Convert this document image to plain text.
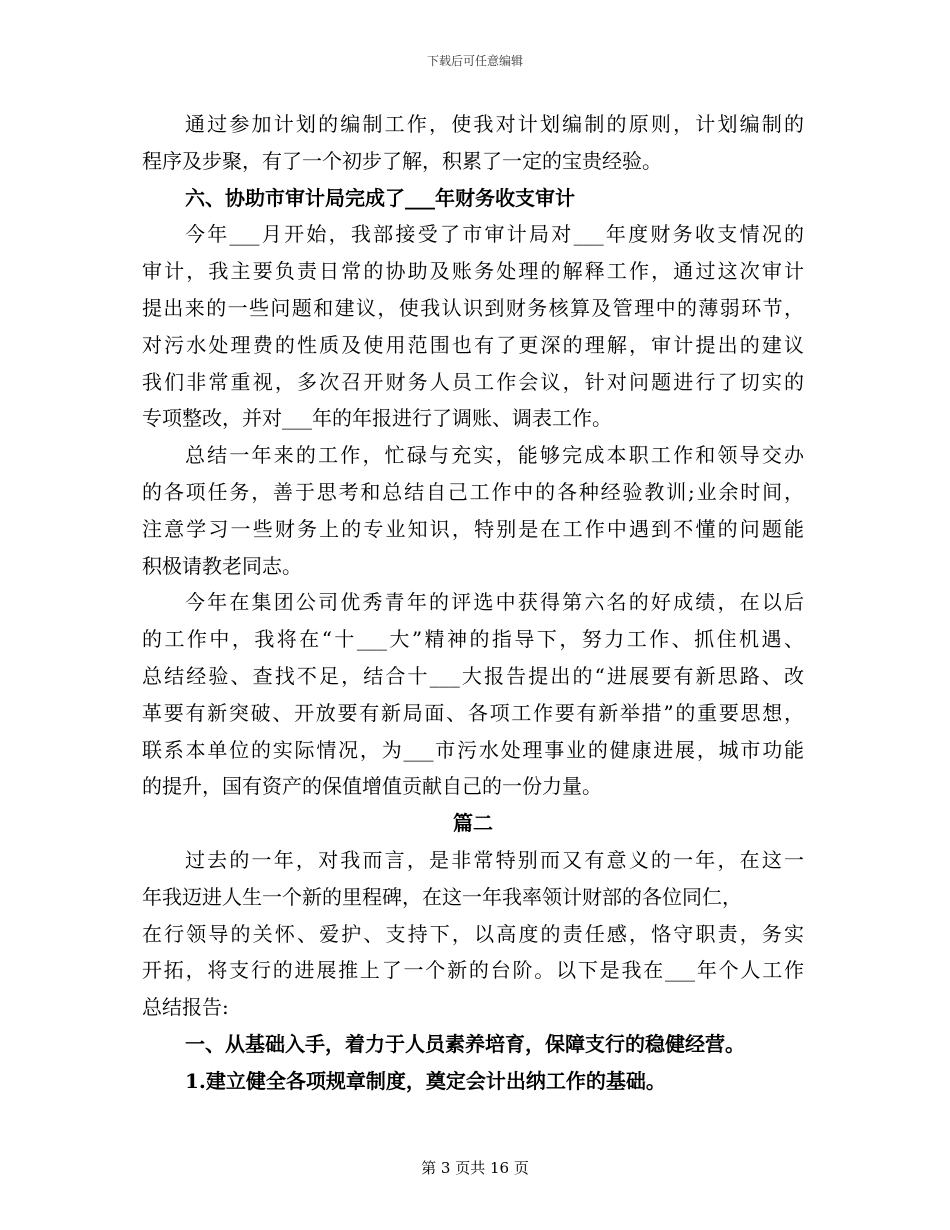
下载后可任意编辑
通过参加计划的编制工作，使我对计划编制的原则，计划编制的
程序及步聚，有了一个初步了解，积累了一定的宝贵经验。
六、协助市审计局完成了___年财务收支审计
今年___月开始，我部接受了市审计局对___年度财务收支情况的
审计，我主要负责日常的协助及账务处理的解释工作，通过这次审计
提出来的一些问题和建议，使我认识到财务核算及管理中的薄弱环节，
对污水处理费的性质及使用范围也有了更深的理解，审计提出的建议
我们非常重视，多次召开财务人员工作会议，针对问题进行了切实的
专项整改，并对___年的年报进行了调账、调表工作。
总结一年来的工作，忙碌与充实，能够完成本职工作和领导交办
的各项任务，善于思考和总结自己工作中的各种经验教训;业余时间，
注意学习一些财务上的专业知识，特别是在工作中遇到不懂的问题能
积极请教老同志。
今年在集团公司优秀青年的评选中获得第六名的好成绩，在以后
的工作中，我将在“十___大”精神的指导下，努力工作、抓住机遇、
总结经验、查找不足，结合十___大报告提出的“进展要有新思路、改
革要有新突破、开放要有新局面、各项工作要有新举措”的重要思想，
联系本单位的实际情况，为___市污水处理事业的健康进展，城市功能
的提升，国有资产的保值增值贡献自己的一份力量。
篇二
过去的一年，对我而言，是非常特别而又有意义的一年，在这一
年我迈进人生一个新的里程碑，在这一年我率领计财部的各位同仁，
在行领导的关怀、爱护、支持下，以高度的责任感，恪守职责，务实
开拓，将支行的进展推上了一个新的台阶。以下是我在___年个人工作
总结报告:
一、从基础入手，着力于人员素养培育，保障支行的稳健经营。
1.建立健全各项规章制度，奠定会计出纳工作的基础。
第 3 页共 16 页
